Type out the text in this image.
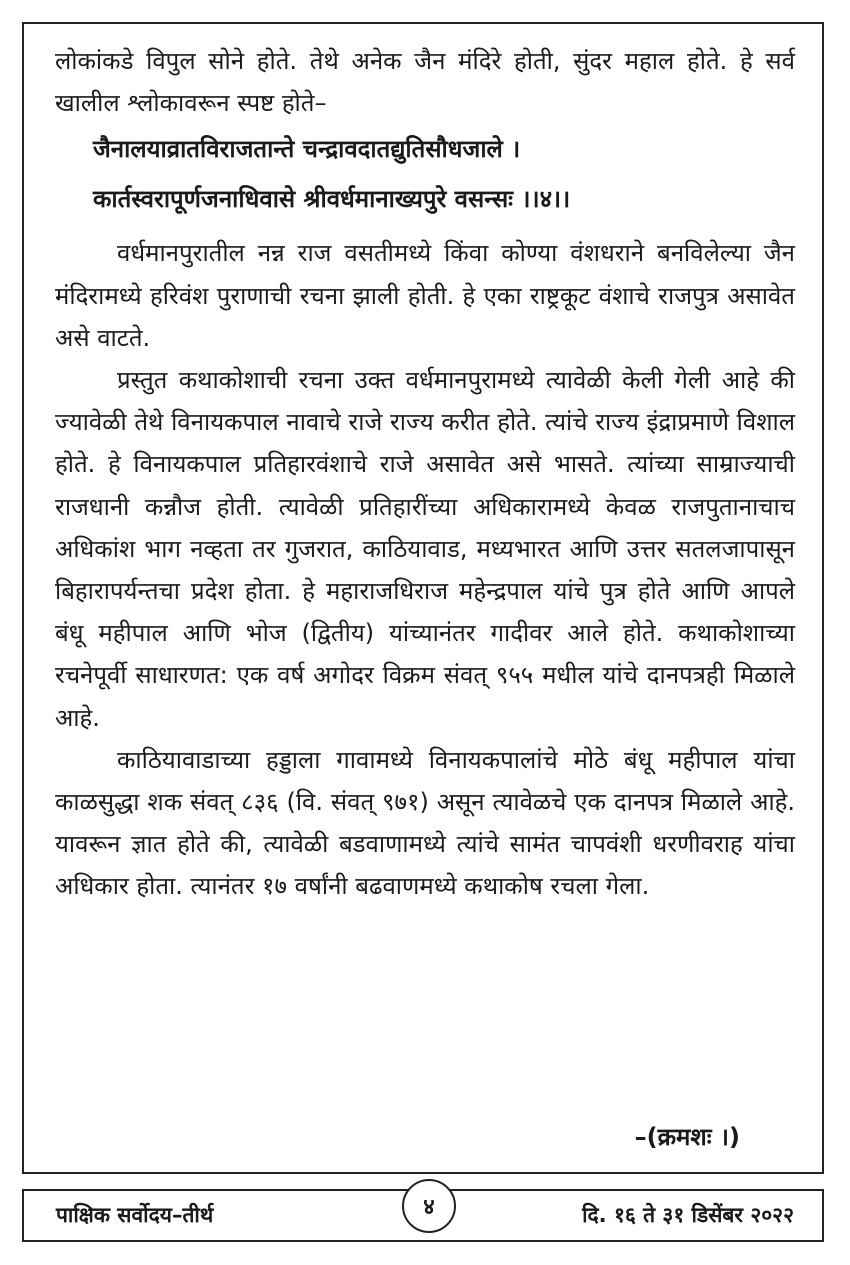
लोकांकडे विपुल सोने होते. तेथे अनेक जैन मंदिरे होती, सुंदर महाल होते. हे सर्व खालील श्लोकावरून स्पष्ट होते–

जैनालयाव्रातविराजतान्ते चन्द्रावदातद्युतिसौधजाले ।

कार्तस्वरापूर्णजनाधिवासे श्रीवर्धमानाख्यपुरे वसन्सः ।।४।।

वर्धमानपुरातील नन्न राज वसतीमध्ये किंवा कोण्या वंशधराने बनविलेल्या जैन मंदिरामध्ये हरिवंश पुराणाची रचना झाली होती. हे एका राष्ट्रकूट वंशाचे राजपुत्र असावेत असे वाटते.

प्रस्तुत कथाकोशाची रचना उक्त वर्धमानपुरामध्ये त्यावेळी केली गेली आहे की ज्यावेळी तेथे विनायकपाल नावाचे राजे राज्य करीत होते. त्यांचे राज्य इंद्राप्रमाणे विशाल होते. हे विनायकपाल प्रतिहारवंशाचे राजे असावेत असे भासते. त्यांच्या साम्राज्याची राजधानी कन्नौज होती. त्यावेळी प्रतिहारींच्या अधिकारामध्ये केवळ राजपुतानाचाच अधिकांश भाग नव्हता तर गुजरात, काठियावाड, मध्यभारत आणि उत्तर सतलजापासून बिहारापर्यन्तचा प्रदेश होता. हे महाराजधिराज महेन्द्रपाल यांचे पुत्र होते आणि आपले बंधू महीपाल आणि भोज (द्वितीय) यांच्यानंतर गादीवर आले होते. कथाकोशाच्या रचनेपूर्वी साधारणत: एक वर्ष अगोदर विक्रम संवत् ९५५ मधील यांचे दानपत्रही मिळाले आहे.

काठियावाडाच्या हड्डाला गावामध्ये विनायकपालांचे मोठे बंधू महीपाल यांचा काळसुद्धा शक संवत् ८३६ (वि. संवत् ९७१) असून त्यावेळचे एक दानपत्र मिळाले आहे. यावरून ज्ञात होते की, त्यावेळी बडवाणामध्ये त्यांचे सामंत चापवंशी धरणीवराह यांचा अधिकार होता. त्यानंतर १७ वर्षांनी बढवाणमध्ये कथाकोष रचला गेला.

–(क्रमशः ।)
पाक्षिक सर्वोदय–तीर्थ	४	दि. १६ ते ३१ डिसेंबर २०२२
